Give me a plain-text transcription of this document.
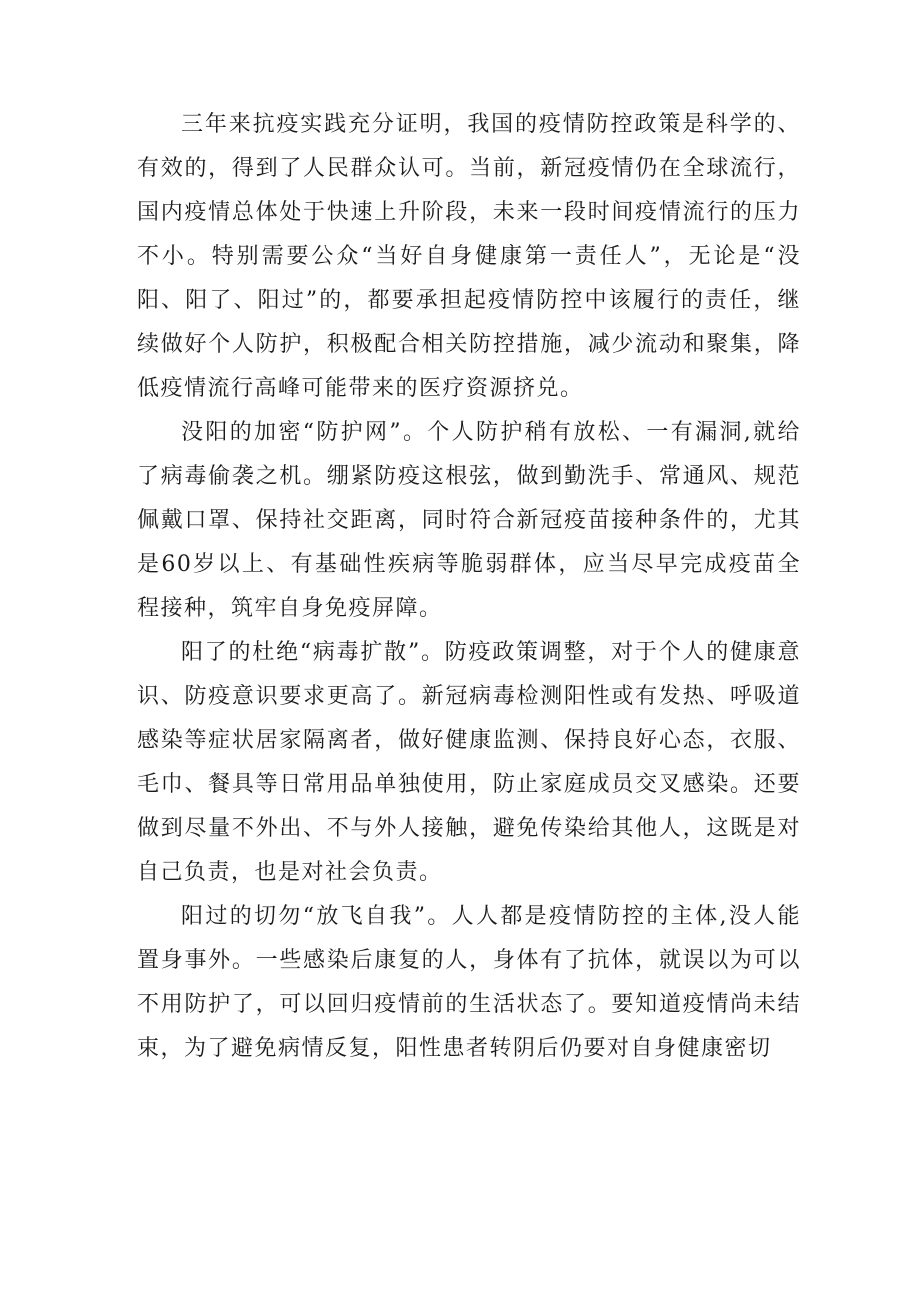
三年来抗疫实践充分证明，我国的疫情防控政策是科学的、有效的，得到了人民群众认可。当前，新冠疫情仍在全球流行，国内疫情总体处于快速上升阶段，未来一段时间疫情流行的压力不小。特别需要公众“当好自身健康第一责任人”，无论是“没阳、阳了、阳过”的，都要承担起疫情防控中该履行的责任，继续做好个人防护，积极配合相关防控措施，减少流动和聚集，降低疫情流行高峰可能带来的医疗资源挤兑。

没阳的加密“防护网”。个人防护稍有放松、一有漏洞,就给了病毒偷袭之机。绷紧防疫这根弦，做到勤洗手、常通风、规范佩戴口罩、保持社交距离，同时符合新冠疫苗接种条件的，尤其是60岁以上、有基础性疾病等脆弱群体，应当尽早完成疫苗全程接种，筑牢自身免疫屏障。

阳了的杜绝“病毒扩散”。防疫政策调整，对于个人的健康意识、防疫意识要求更高了。新冠病毒检测阳性或有发热、呼吸道感染等症状居家隔离者，做好健康监测、保持良好心态，衣服、毛巾、餐具等日常用品单独使用，防止家庭成员交叉感染。还要做到尽量不外出、不与外人接触，避免传染给其他人，这既是对自己负责，也是对社会负责。

阳过的切勿“放飞自我”。人人都是疫情防控的主体,没人能置身事外。一些感染后康复的人，身体有了抗体，就误以为可以不用防护了，可以回归疫情前的生活状态了。要知道疫情尚未结束，为了避免病情反复，阳性患者转阴后仍要对自身健康密切
